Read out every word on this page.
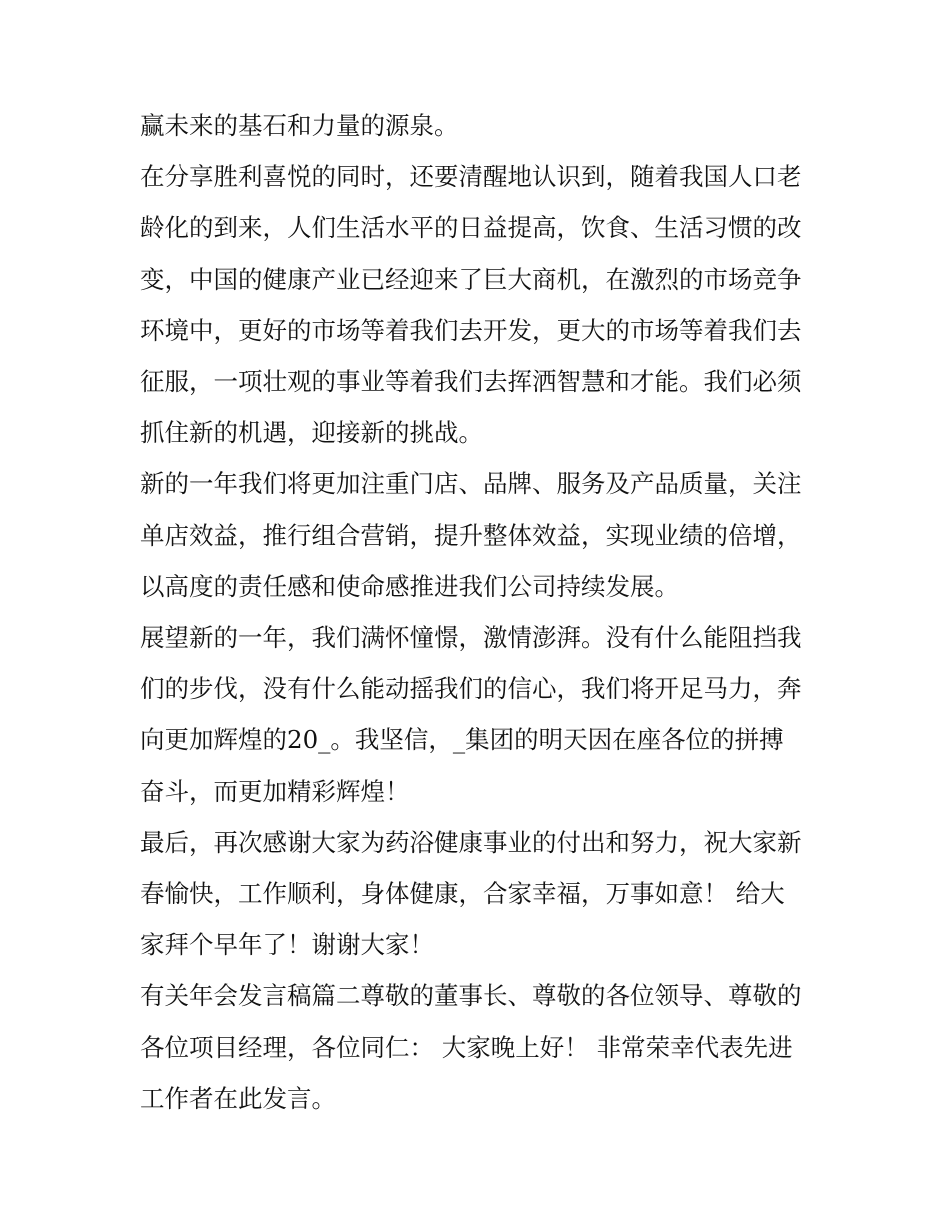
赢未来的基石和力量的源泉。
在分享胜利喜悦的同时，还要清醒地认识到，随着我国人口老
龄化的到来，人们生活水平的日益提高，饮食、生活习惯的改
变，中国的健康产业已经迎来了巨大商机，在激烈的市场竞争
环境中，更好的市场等着我们去开发，更大的市场等着我们去
征服，一项壮观的事业等着我们去挥洒智慧和才能。我们必须
抓住新的机遇，迎接新的挑战。
新的一年我们将更加注重门店、品牌、服务及产品质量，关注
单店效益，推行组合营销，提升整体效益，实现业绩的倍增，
以高度的责任感和使命感推进我们公司持续发展。
展望新的一年，我们满怀憧憬，激情澎湃。没有什么能阻挡我
们的步伐，没有什么能动摇我们的信心，我们将开足马力，奔
向更加辉煌的20_。我坚信，_集团的明天因在座各位的拼搏
奋斗，而更加精彩辉煌！
最后，再次感谢大家为药浴健康事业的付出和努力，祝大家新
春愉快，工作顺利，身体健康，合家幸福，万事如意！ 给大
家拜个早年了！谢谢大家！
有关年会发言稿篇二尊敬的董事长、尊敬的各位领导、尊敬的
各位项目经理，各位同仁： 大家晚上好！ 非常荣幸代表先进
工作者在此发言。
